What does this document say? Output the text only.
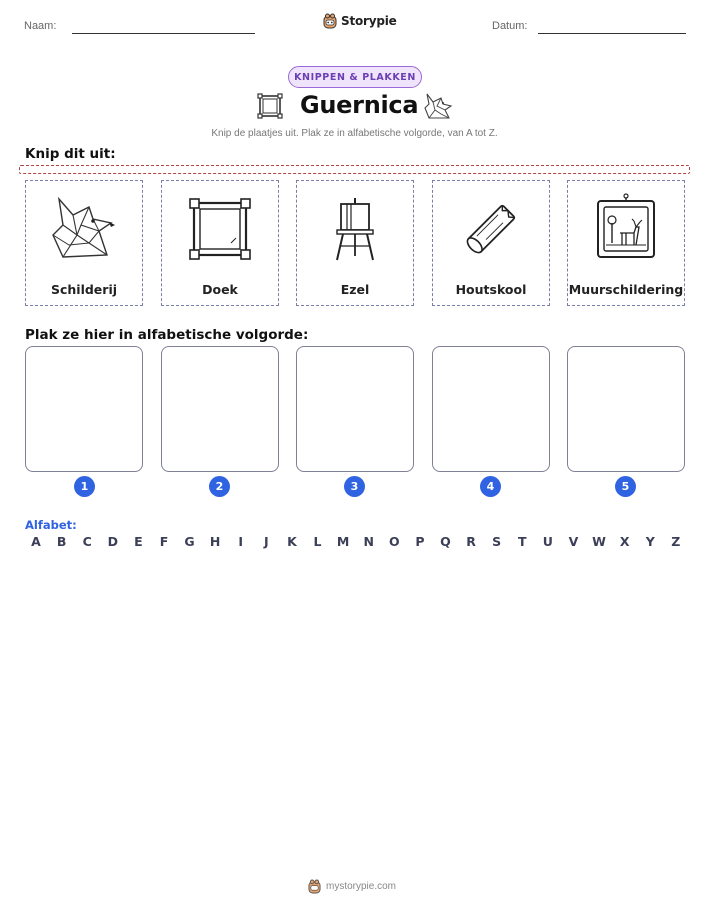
Naam:	Storypie	Datum:
KNIPPEN & PLAKKEN
Guernica
Knip de plaatjes uit. Plak ze in alfabetische volgorde, van A tot Z.
Knip dit uit:
Schilderij	Doek	Ezel	Houtskool	Muurschildering
Plak ze hier in alfabetische volgorde:
1	2	3	4	5
Alfabet:
A	B	C	D	E	F	G	H	I	J	K	L	M	N	O	P	Q	R	S	T	U	V	W	X	Y	Z
mystorypie.com
